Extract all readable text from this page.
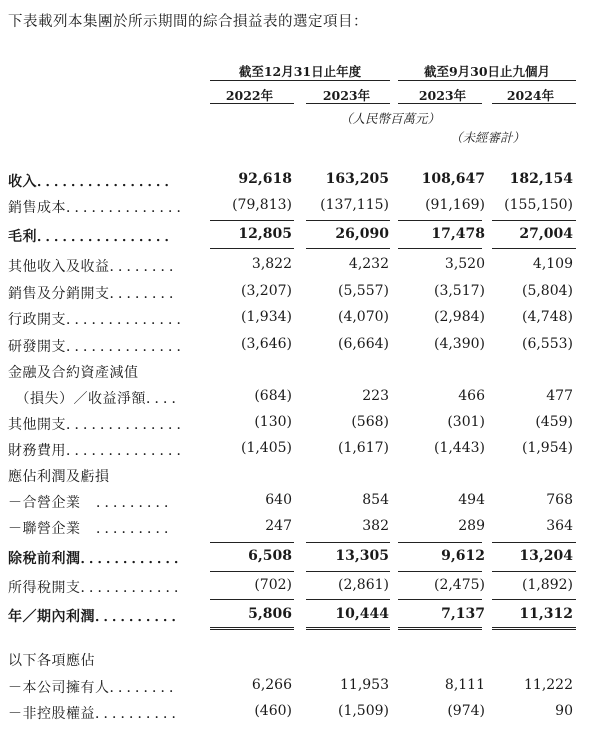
下表載列本集團於所示期間的綜合損益表的選定項目：
截至12月31日止年度	截至9月30日止九個月
2022年	2023年	2023年	2024年
（人民幣百萬元）
（未經審計）
收入．．．．．．．．．．．．．．．．	92,618	163,205	108,647	182,154
銷售成本．．．．．．．．．．．．．．	(79,813)	(137,115)	(91,169)	(155,150)
毛利．．．．．．．．．．．．．．．．	12,805	26,090	17,478	27,004
其他收入及收益．．．．．．．．	3,822	4,232	3,520	4,109
銷售及分銷開支．．．．．．．．	(3,207)	(5,557)	(3,517)	(5,804)
行政開支．．．．．．．．．．．．．．	(1,934)	(4,070)	(2,984)	(4,748)
研發開支．．．．．．．．．．．．．．	(3,646)	(6,664)	(4,390)	(6,553)
金融及合約資產減值
　（損失）／收益淨額．．．．	(684)	223	466	477
其他開支．．．．．．．．．．．．．．	(130)	(568)	(301)	(459)
財務費用．．．．．．．．．．．．．．	(1,405)	(1,617)	(1,443)	(1,954)
應佔利潤及虧損
－合營企業　．．．．．．．．．	640	854	494	768
－聯營企業　．．．．．．．．．	247	382	289	364
除稅前利潤．．．．．．．．．．．．	6,508	13,305	9,612	13,204
所得稅開支．．．．．．．．．．．．	(702)	(2,861)	(2,475)	(1,892)
年／期內利潤．．．．．．．．．．	5,806	10,444	7,137	11,312
以下各項應佔
－本公司擁有人．．．．．．．．	6,266	11,953	8,111	11,222
－非控股權益．．．．．．．．．．	(460)	(1,509)	(974)	90
